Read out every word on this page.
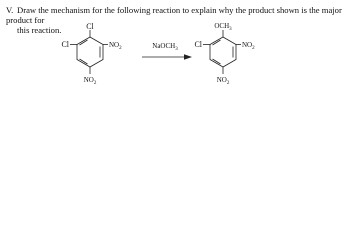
V. Draw the mechanism for the following reaction to explain why the product shown is the major product for
this reaction.	Cl
Cl	NO2
NO2
NaOCH3
OCH3
Cl	NO2
NO2
